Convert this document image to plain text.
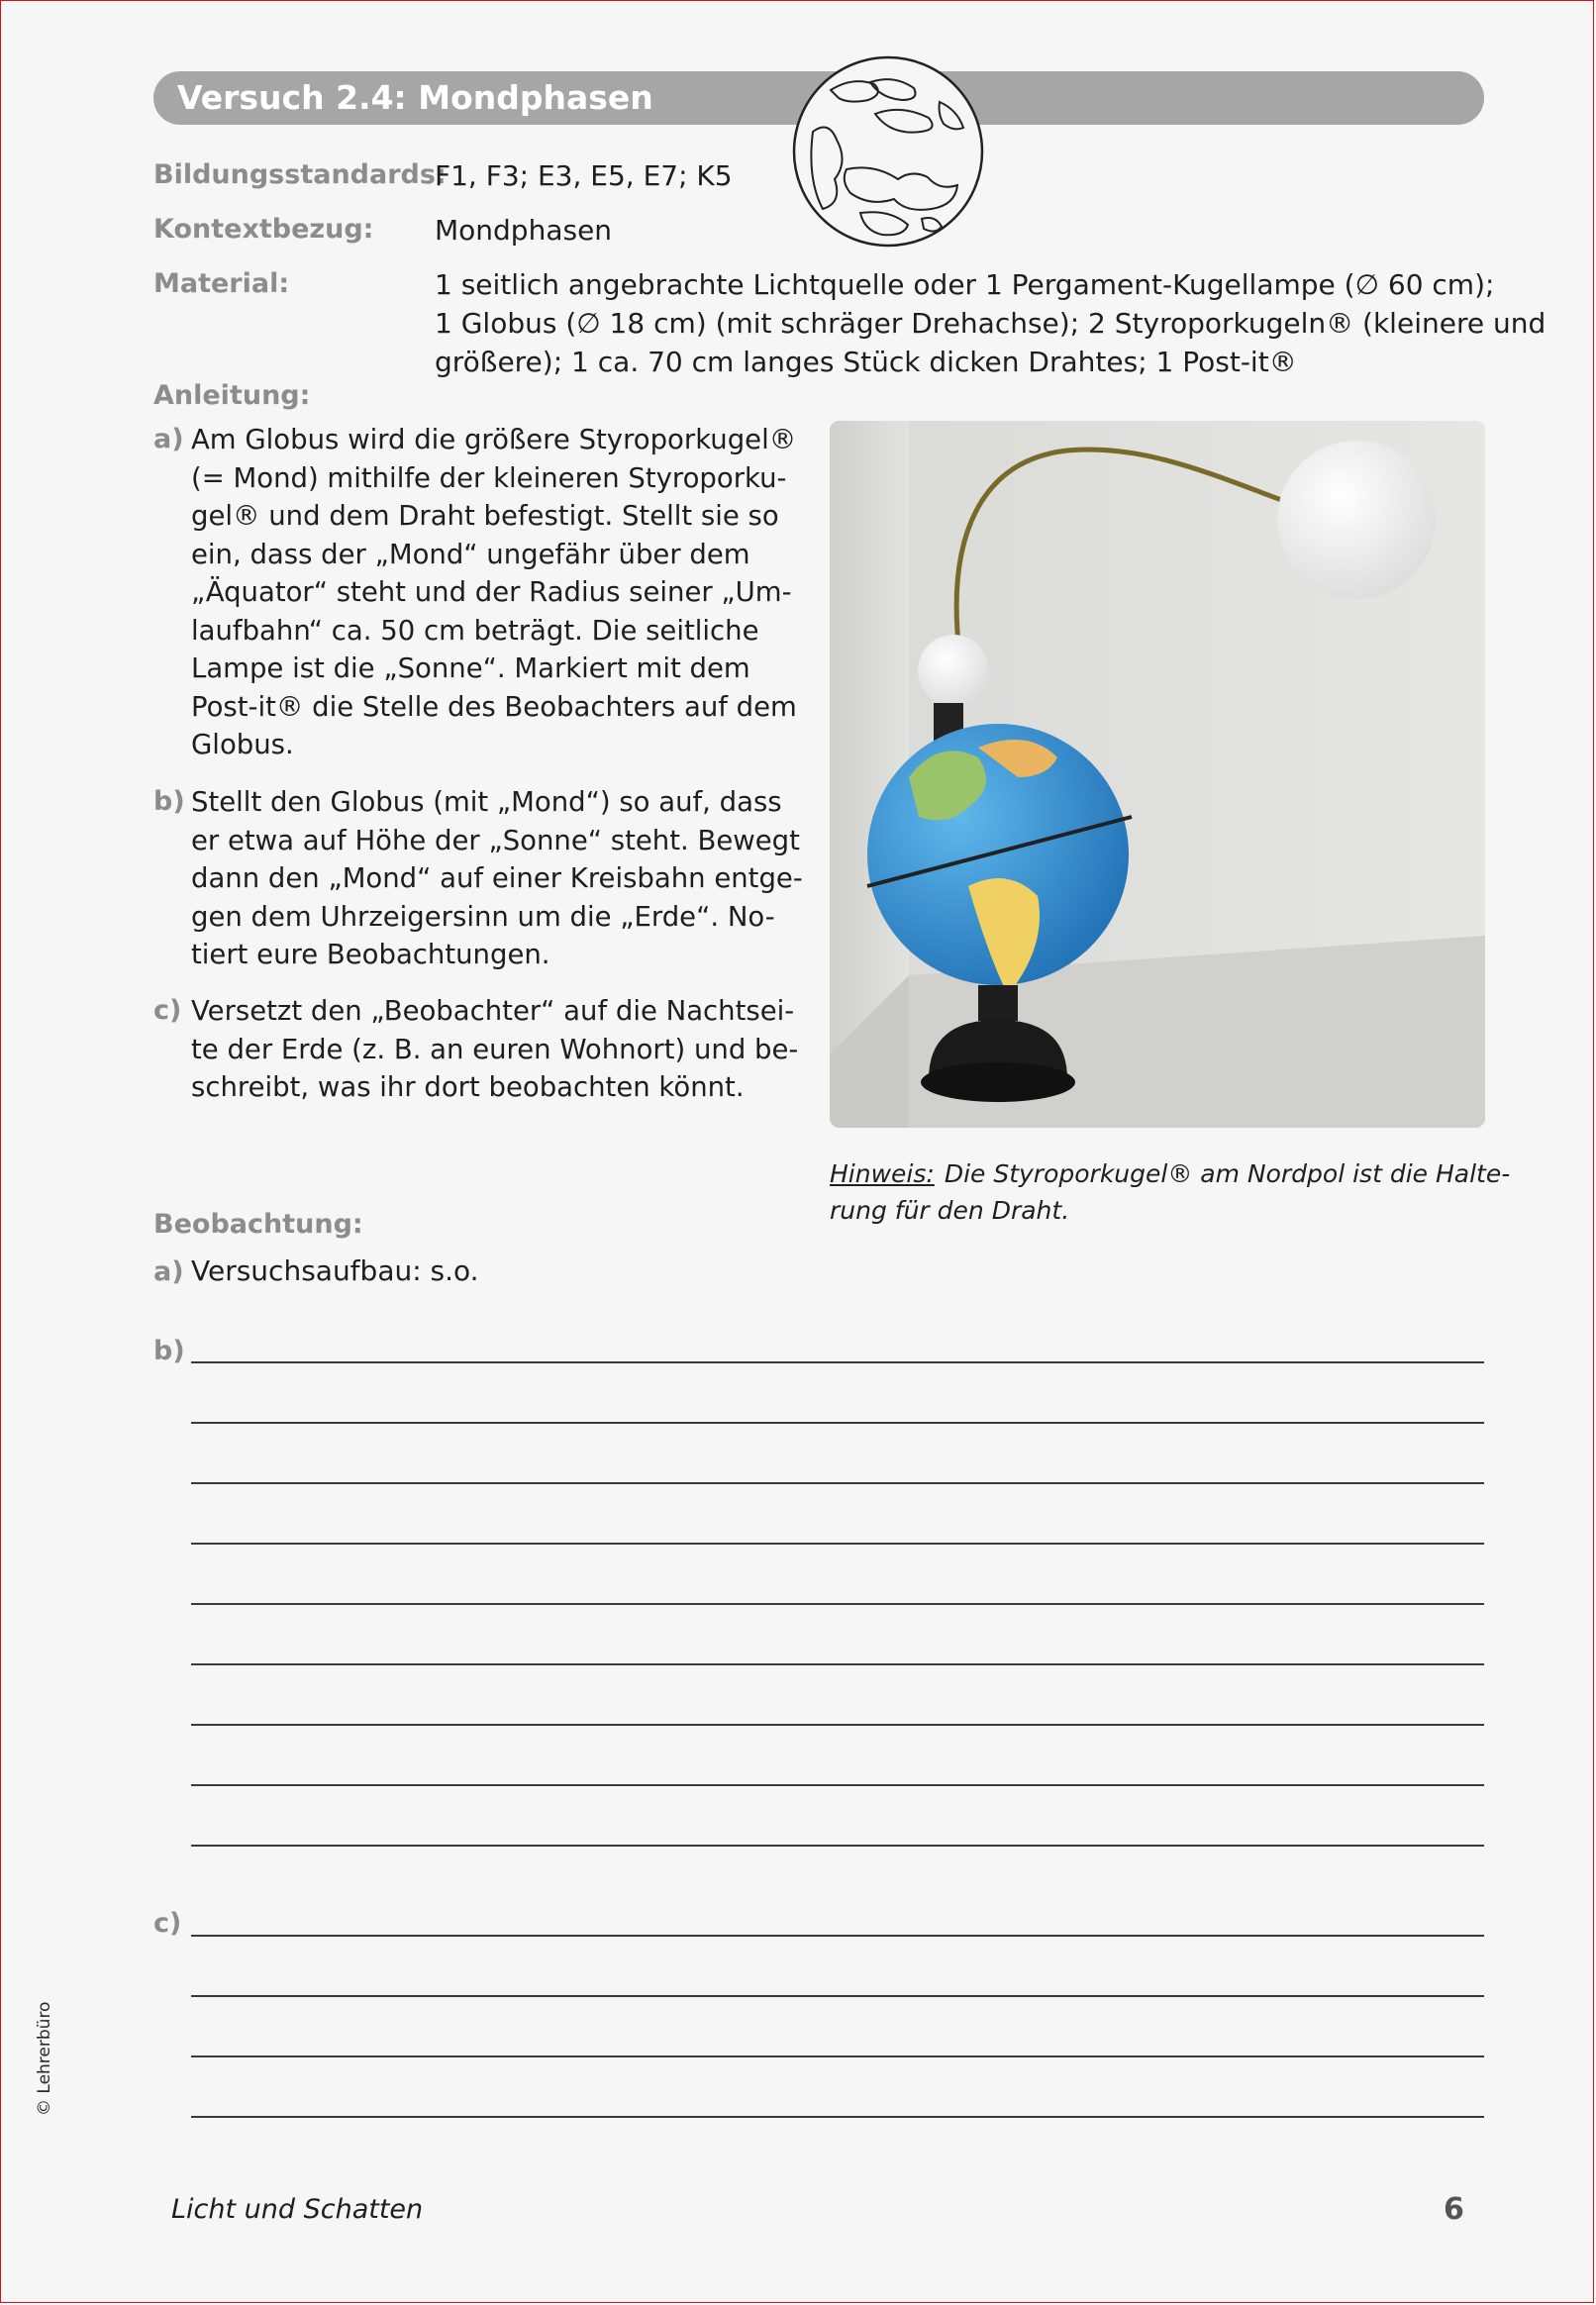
Versuch 2.4: Mondphasen
Bildungsstandards:
F1, F3; E3, E5, E7; K5
Kontextbezug: Mondphasen
Material:	1 seitlich angebrachte Lichtquelle oder 1 Pergament-Kugellampe (∅ 60 cm);
1 Globus (∅ 18 cm) (mit schräger Drehachse); 2 Styroporkugeln® (kleinere und
größere); 1 ca. 70 cm langes Stück dicken Drahtes; 1 Post-it®
Anleitung:
a) Am Globus wird die größere Styroporkugel®
(= Mond) mithilfe der kleineren Styroporku-
gel® und dem Draht befestigt. Stellt sie so
ein, dass der „Mond“ ungefähr über dem
„Äquator“ steht und der Radius seiner „Um-
laufbahn“ ca. 50 cm beträgt. Die seitliche
Lampe ist die „Sonne“. Markiert mit dem
Post-it® die Stelle des Beobachters auf dem
Globus.
b) Stellt den Globus (mit „Mond“) so auf, dass
er etwa auf Höhe der „Sonne“ steht. Bewegt
dann den „Mond“ auf einer Kreisbahn entge-
gen dem Uhrzeigersinn um die „Erde“. No-
tiert eure Beobachtungen.
c) Versetzt den „Beobachter“ auf die Nachtsei-
te der Erde (z. B. an euren Wohnort) und be-
schreibt, was ihr dort beobachten könnt.
Hinweis: Die Styroporkugel® am Nordpol ist die Halte-
rung für den Draht.
Beobachtung:
a) Versuchsaufbau: s.o.
b)
c)
Licht und Schatten	6
© Lehrerbüro
